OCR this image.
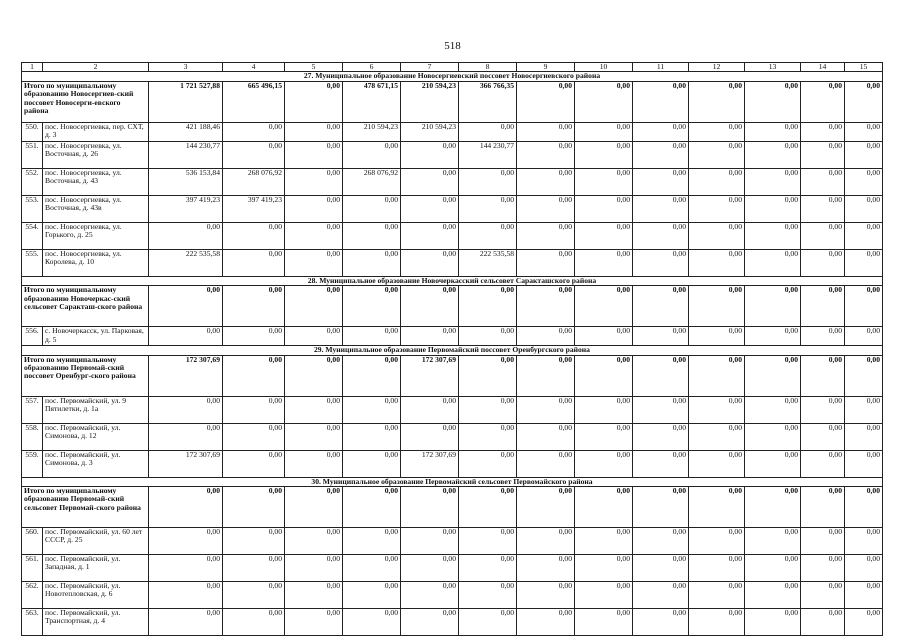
518
1	2	3	4	5	6	7	8	9	10	11	12	13	14	15
27. Муниципальное образование Новосергиевский поссовет Новосергиевского района														
Итого по муниципальному образованию Новосергиев-ский поссовет Новосерги-евского района		1 721 527,88	665 496,15	0,00	478 671,15	210 594,23	366 766,35	0,00	0,00	0,00	0,00	0,00	0,00	0,00
550.	пос. Новосергиевка, пер. СХТ, д. 3	421 188,46	0,00	0,00	210 594,23	210 594,23	0,00	0,00	0,00	0,00	0,00	0,00	0,00	0,00
551.	пос. Новосергиевка, ул. Восточная, д. 26	144 230,77	0,00	0,00	0,00	0,00	144 230,77	0,00	0,00	0,00	0,00	0,00	0,00	0,00
552.	пос. Новосергиевка, ул. Восточная, д. 43	536 153,84	268 076,92	0,00	268 076,92	0,00	0,00	0,00	0,00	0,00	0,00	0,00	0,00	0,00
553.	пос. Новосергиевка, ул. Восточная, д. 43в	397 419,23	397 419,23	0,00	0,00	0,00	0,00	0,00	0,00	0,00	0,00	0,00	0,00	0,00
554.	пос. Новосергиевка, ул. Горького, д. 25	0,00	0,00	0,00	0,00	0,00	0,00	0,00	0,00	0,00	0,00	0,00	0,00	0,00
555.	пос. Новосергиевка, ул. Королева, д. 10	222 535,58	0,00	0,00	0,00	0,00	222 535,58	0,00	0,00	0,00	0,00	0,00	0,00	0,00
28. Муниципальное образование Новочеркасский сельсовет Саракташского района														
Итого по муниципальному образованию Новочеркас-ский сельсовет Саракташ-ского района		0,00	0,00	0,00	0,00	0,00	0,00	0,00	0,00	0,00	0,00	0,00	0,00	0,00
556.	с. Новочеркасск, ул. Парковая, д. 5	0,00	0,00	0,00	0,00	0,00	0,00	0,00	0,00	0,00	0,00	0,00	0,00	0,00
29. Муниципальное образование Первомайский поссовет Оренбургского района														
Итого по муниципальному образованию Первомай-ский поссовет Оренбург-ского района		172 307,69	0,00	0,00	0,00	172 307,69	0,00	0,00	0,00	0,00	0,00	0,00	0,00	0,00
557.	пос. Первомайский, ул. 9 Пятилетки, д. 1а	0,00	0,00	0,00	0,00	0,00	0,00	0,00	0,00	0,00	0,00	0,00	0,00	0,00
558.	пос. Первомайский, ул. Симонова, д. 12	0,00	0,00	0,00	0,00	0,00	0,00	0,00	0,00	0,00	0,00	0,00	0,00	0,00
559.	пос. Первомайский, ул. Симонова, д. 3	172 307,69	0,00	0,00	0,00	172 307,69	0,00	0,00	0,00	0,00	0,00	0,00	0,00	0,00
30. Муниципальное образование Первомайский сельсовет Первомайского района														
Итого по муниципальному образованию Первомай-ский сельсовет Первомай-ского района		0,00	0,00	0,00	0,00	0,00	0,00	0,00	0,00	0,00	0,00	0,00	0,00	0,00
560.	пос. Первомайский, ул. 60 лет СССР, д. 25	0,00	0,00	0,00	0,00	0,00	0,00	0,00	0,00	0,00	0,00	0,00	0,00	0,00
561.	пос. Первомайский, ул. Западная, д. 1	0,00	0,00	0,00	0,00	0,00	0,00	0,00	0,00	0,00	0,00	0,00	0,00	0,00
562.	пос. Первомайский, ул. Новотепловская, д. 6	0,00	0,00	0,00	0,00	0,00	0,00	0,00	0,00	0,00	0,00	0,00	0,00	0,00
563.	пос. Первомайский, ул. Транспортная, д. 4	0,00	0,00	0,00	0,00	0,00	0,00	0,00	0,00	0,00	0,00	0,00	0,00	0,00
